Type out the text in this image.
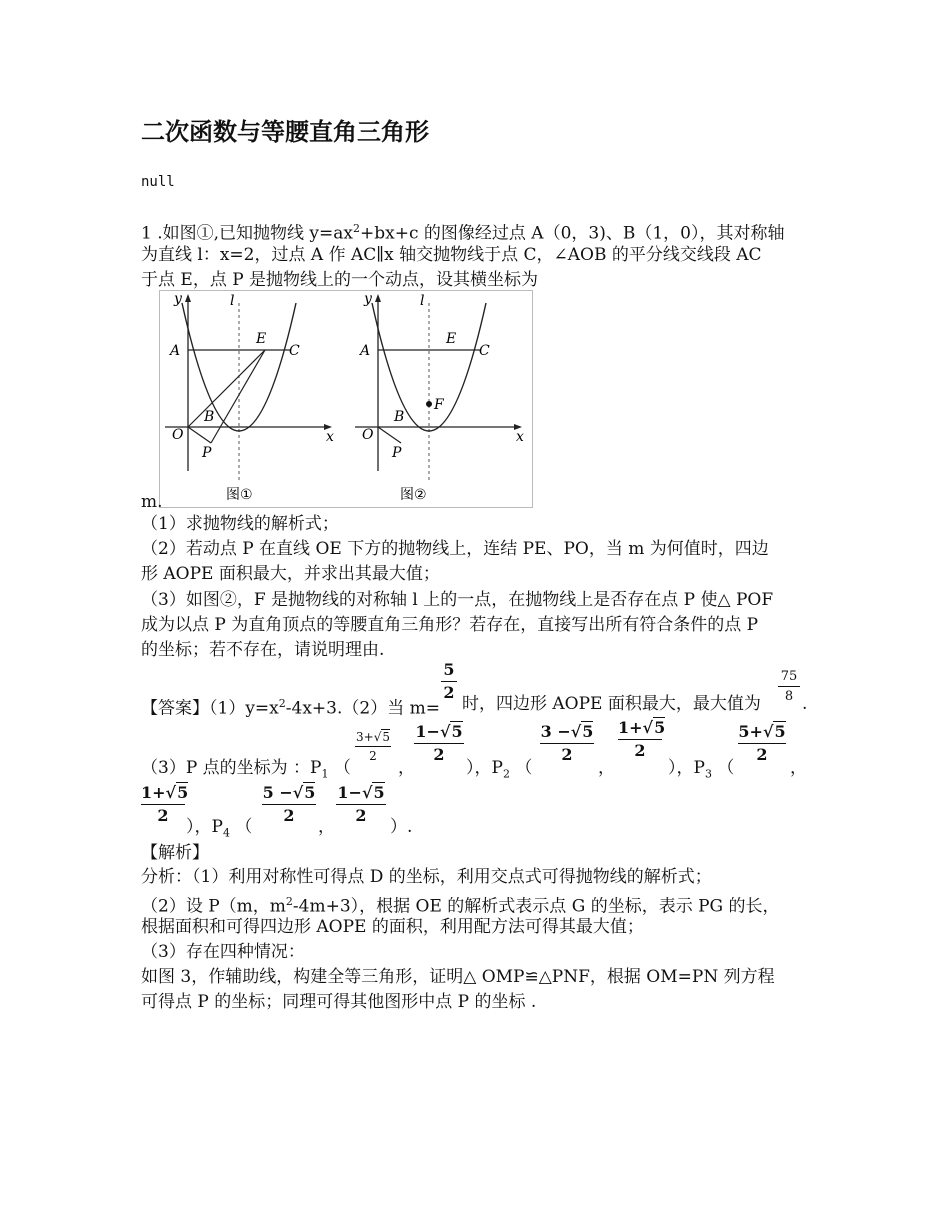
二次函数与等腰直角三角形
null
1 .如图①,已知抛物线 $y=ax^2+bx+c$ 的图像经过点 A（0，3)、B（1，0），其对称轴
为直线 l：x=2，过点 A 作 AC∥x 轴交抛物线于点 C，∠AOB 的平分线交线段 AC
于点 E，点 P 是抛物线上的一个动点，设其横坐标为
y
x
l
A
E
C
B
O
P
图①
y
x
l
A
E
C
B
O
P
F
图②
m.
（1）求抛物线的解析式；
（2）若动点 P 在直线 OE 下方的抛物线上，连结 PE、PO，当 m 为何值时，四边
形 AOPE 面积最大，并求出其最大值；
（3）如图②，F 是抛物线的对称轴 l 上的一点，在抛物线上是否存在点 P 使△ POF
成为以点 P 为直角顶点的等腰直角三角形？若存在，直接写出所有符合条件的点 P
的坐标；若不存在，请说明理由.
【答案】$(1)y=x^2-4x+3.(2)$当 m=
5
2
时，四边形 AOPE 面积最大，最大值为
75
8 .
（3）P 点的坐标为 ：$P_1$ （
3+√5
2
，
1−√5
2
），$P_2$ （
3 −√5
2
，
1+√5
2
），$P_3$ （
5+√5
2
，
1+√5
2
），$P_4$ （
5 −√5
2
，
1−√5
2
）.
【解析】
分析：（1）利用对称性可得点 D 的坐标，利用交点式可得抛物线的解析式；
（2）设 P（m，$m^2-4m+3$），根据 OE 的解析式表示点 G 的坐标，表示 PG 的长，
根据面积和可得四边形 AOPE 的面积，利用配方法可得其最大值；
（3）存在四种情况：
如图 3，作辅助线，构建全等三角形，证明△ OMP≌△PNF，根据 OM=PN 列方程
可得点 P 的坐标；同理可得其他图形中点 P 的坐标 .
